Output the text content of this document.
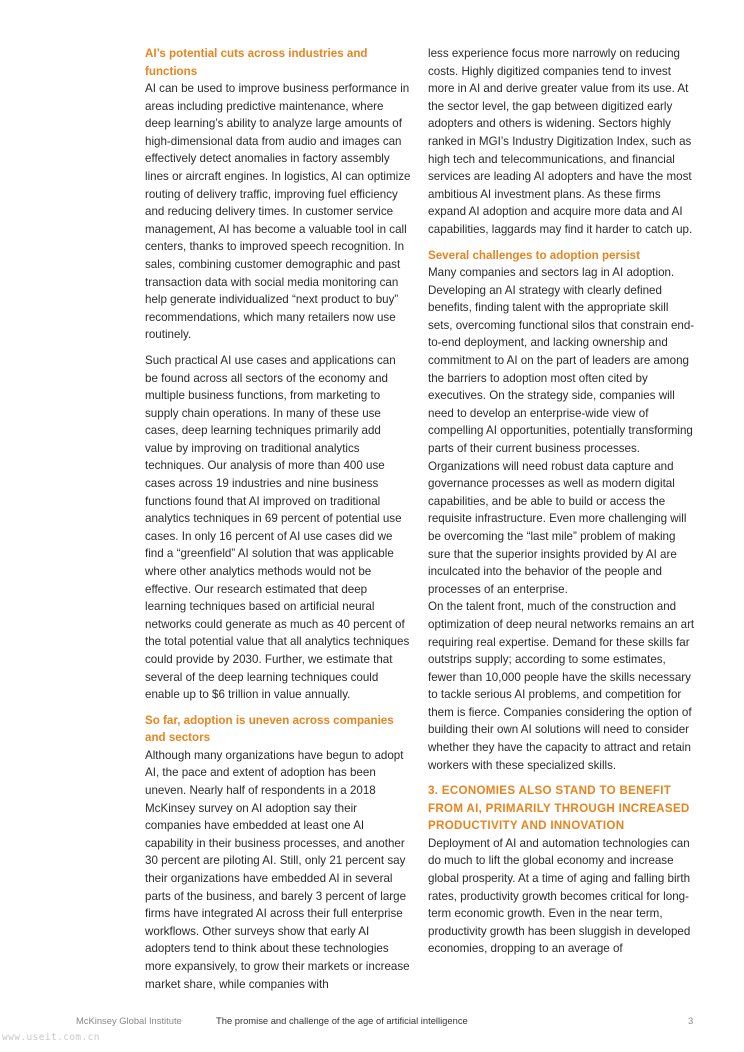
AI’s potential cuts across industries and functions

AI can be used to improve business performance in areas including predictive maintenance, where deep learning’s ability to analyze large amounts of high-dimensional data from audio and images can effectively detect anomalies in factory assembly lines or aircraft engines. In logistics, AI can optimize routing of delivery traffic, improving fuel efficiency and reducing delivery times. In customer service management, AI has become a valuable tool in call centers, thanks to improved speech recognition. In sales, combining customer demographic and past transaction data with social media monitoring can help generate individualized “next product to buy” recommendations, which many retailers now use routinely.

Such practical AI use cases and applications can be found across all sectors of the economy and multiple business functions, from marketing to supply chain operations. In many of these use cases, deep learning techniques primarily add value by improving on traditional analytics techniques. Our analysis of more than 400 use cases across 19 industries and nine business functions found that AI improved on traditional analytics techniques in 69 percent of potential use cases. In only 16 percent of AI use cases did we find a “greenfield” AI solution that was applicable where other analytics methods would not be effective. Our research estimated that deep learning techniques based on artificial neural networks could generate as much as 40 percent of the total potential value that all analytics techniques could provide by 2030. Further, we estimate that several of the deep learning techniques could enable up to $6 trillion in value annually.

So far, adoption is uneven across companies and sectors

Although many organizations have begun to adopt AI, the pace and extent of adoption has been uneven. Nearly half of respondents in a 2018 McKinsey survey on AI adoption say their companies have embedded at least one AI capability in their business processes, and another 30 percent are piloting AI. Still, only 21 percent say their organizations have embedded AI in several parts of the business, and barely 3 percent of large firms have integrated AI across their full enterprise workflows. Other surveys show that early AI adopters tend to think about these technologies more expansively, to grow their markets or increase market share, while companies with

less experience focus more narrowly on reducing costs. Highly digitized companies tend to invest more in AI and derive greater value from its use. At the sector level, the gap between digitized early adopters and others is widening. Sectors highly ranked in MGI’s Industry Digitization Index, such as high tech and telecommunications, and financial services are leading AI adopters and have the most ambitious AI investment plans. As these firms expand AI adoption and acquire more data and AI capabilities, laggards may find it harder to catch up.

Several challenges to adoption persist

Many companies and sectors lag in AI adoption. Developing an AI strategy with clearly defined benefits, finding talent with the appropriate skill sets, overcoming functional silos that constrain end-to-end deployment, and lacking ownership and commitment to AI on the part of leaders are among the barriers to adoption most often cited by executives. On the strategy side, companies will need to develop an enterprise-wide view of compelling AI opportunities, potentially transforming parts of their current business processes. Organizations will need robust data capture and governance processes as well as modern digital capabilities, and be able to build or access the requisite infrastructure. Even more challenging will be overcoming the “last mile” problem of making sure that the superior insights provided by AI are inculcated into the behavior of the people and processes of an enterprise.

On the talent front, much of the construction and optimization of deep neural networks remains an art requiring real expertise. Demand for these skills far outstrips supply; according to some estimates, fewer than 10,000 people have the skills necessary to tackle serious AI problems, and competition for them is fierce. Companies considering the option of building their own AI solutions will need to consider whether they have the capacity to attract and retain workers with these specialized skills.

3. ECONOMIES ALSO STAND TO BENEFIT FROM AI, PRIMARILY THROUGH INCREASED PRODUCTIVITY AND INNOVATION

Deployment of AI and automation technologies can do much to lift the global economy and increase global prosperity. At a time of aging and falling birth rates, productivity growth becomes critical for long-term economic growth. Even in the near term, productivity growth has been sluggish in developed economies, dropping to an average of

McKinsey Global Institute	The promise and challenge of the age of artificial intelligence	3
www.useit.com.cn
